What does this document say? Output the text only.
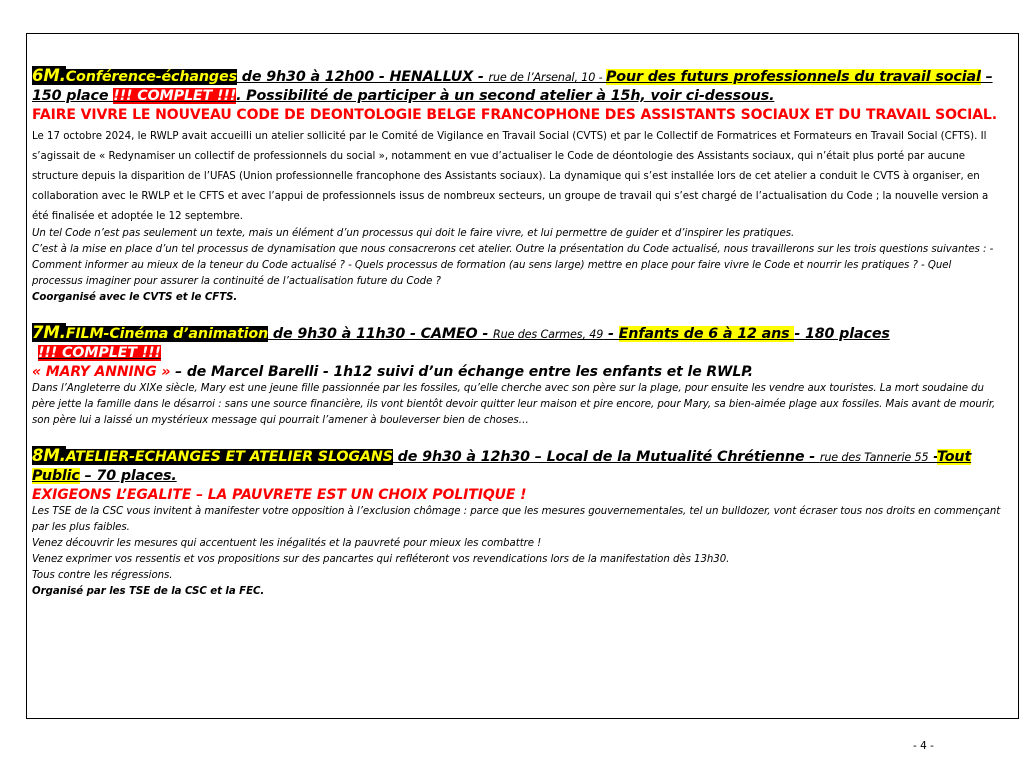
6M.Conférence-échanges de 9h30 à 12h00 - HENALLUX - rue de l’Arsenal, 10 - Pour des futurs professionnels du travail social –
150 place !!! COMPLET !!!. Possibilité de participer à un second atelier à 15h, voir ci-dessous.
FAIRE VIVRE LE NOUVEAU CODE DE DEONTOLOGIE BELGE FRANCOPHONE DES ASSISTANTS SOCIAUX ET DU TRAVAIL SOCIAL. Le 17 octobre 2024, le RWLP avait accueilli un atelier sollicité par le Comité de Vigilance en Travail Social (CVTS) et par le Collectif de Formatrices et Formateurs en Travail Social (CFTS). Il s’agissait de « Redynamiser un collectif de professionnels du social », notamment en vue d’actualiser le Code de déontologie des Assistants sociaux, qui n’était plus porté par aucune structure depuis la disparition de l’UFAS (Union professionnelle francophone des Assistants sociaux). La dynamique qui s’est installée lors de cet atelier a conduit le CVTS à organiser, en collaboration avec le RWLP et le CFTS et avec l’appui de professionnels issus de nombreux secteurs, un groupe de travail qui s’est chargé de l’actualisation du Code ; la nouvelle version a été finalisée et adoptée le 12 septembre.

Un tel Code n’est pas seulement un texte, mais un élément d’un processus qui doit le faire vivre, et lui permettre de guider et d’inspirer les pratiques.

C’est à la mise en place d’un tel processus de dynamisation que nous consacrerons cet atelier. Outre la présentation du Code actualisé, nous travaillerons sur les trois questions suivantes : - Comment informer au mieux de la teneur du Code actualisé ? - Quels processus de formation (au sens large) mettre en place pour faire vivre le Code et nourrir les pratiques ? - Quel processus imaginer pour assurer la continuité de l’actualisation future du Code ?

Coorganisé avec le CVTS et le CFTS.

7M.FILM-Cinéma d’animation de 9h30 à 11h30 - CAMEO - Rue des Carmes, 49 - Enfants de 6 à 12 ans - 180 places
!!! COMPLET !!!
« MARY ANNING » – de Marcel Barelli - 1h12 suivi d’un échange entre les enfants et le RWLP.

Dans l’Angleterre du XIXe siècle, Mary est une jeune fille passionnée par les fossiles, qu’elle cherche avec son père sur la plage, pour ensuite les vendre aux touristes. La mort soudaine du père jette la famille dans le désarroi : sans une source financière, ils vont bientôt devoir quitter leur maison et pire encore, pour Mary, sa bien-aimée plage aux fossiles. Mais avant de mourir, son père lui a laissé un mystérieux message qui pourrait l’amener à bouleverser bien de choses…

8M.ATELIER-ECHANGES ET ATELIER SLOGANS de 9h30 à 12h30 – Local de la Mutualité Chrétienne - rue des Tannerie 55 -Tout Public – 70 places.
EXIGEONS L’EGALITE – LA PAUVRETE EST UN CHOIX POLITIQUE !

Les TSE de la CSC vous invitent à manifester votre opposition à l’exclusion chômage : parce que les mesures gouvernementales, tel un bulldozer, vont écraser tous nos droits en commençant par les plus faibles.

Venez découvrir les mesures qui accentuent les inégalités et la pauvreté pour mieux les combattre !

Venez exprimer vos ressentis et vos propositions sur des pancartes qui refléteront vos revendications lors de la manifestation dès 13h30.

Tous contre les régressions.

Organisé par les TSE de la CSC et la FEC.

- 4 -
